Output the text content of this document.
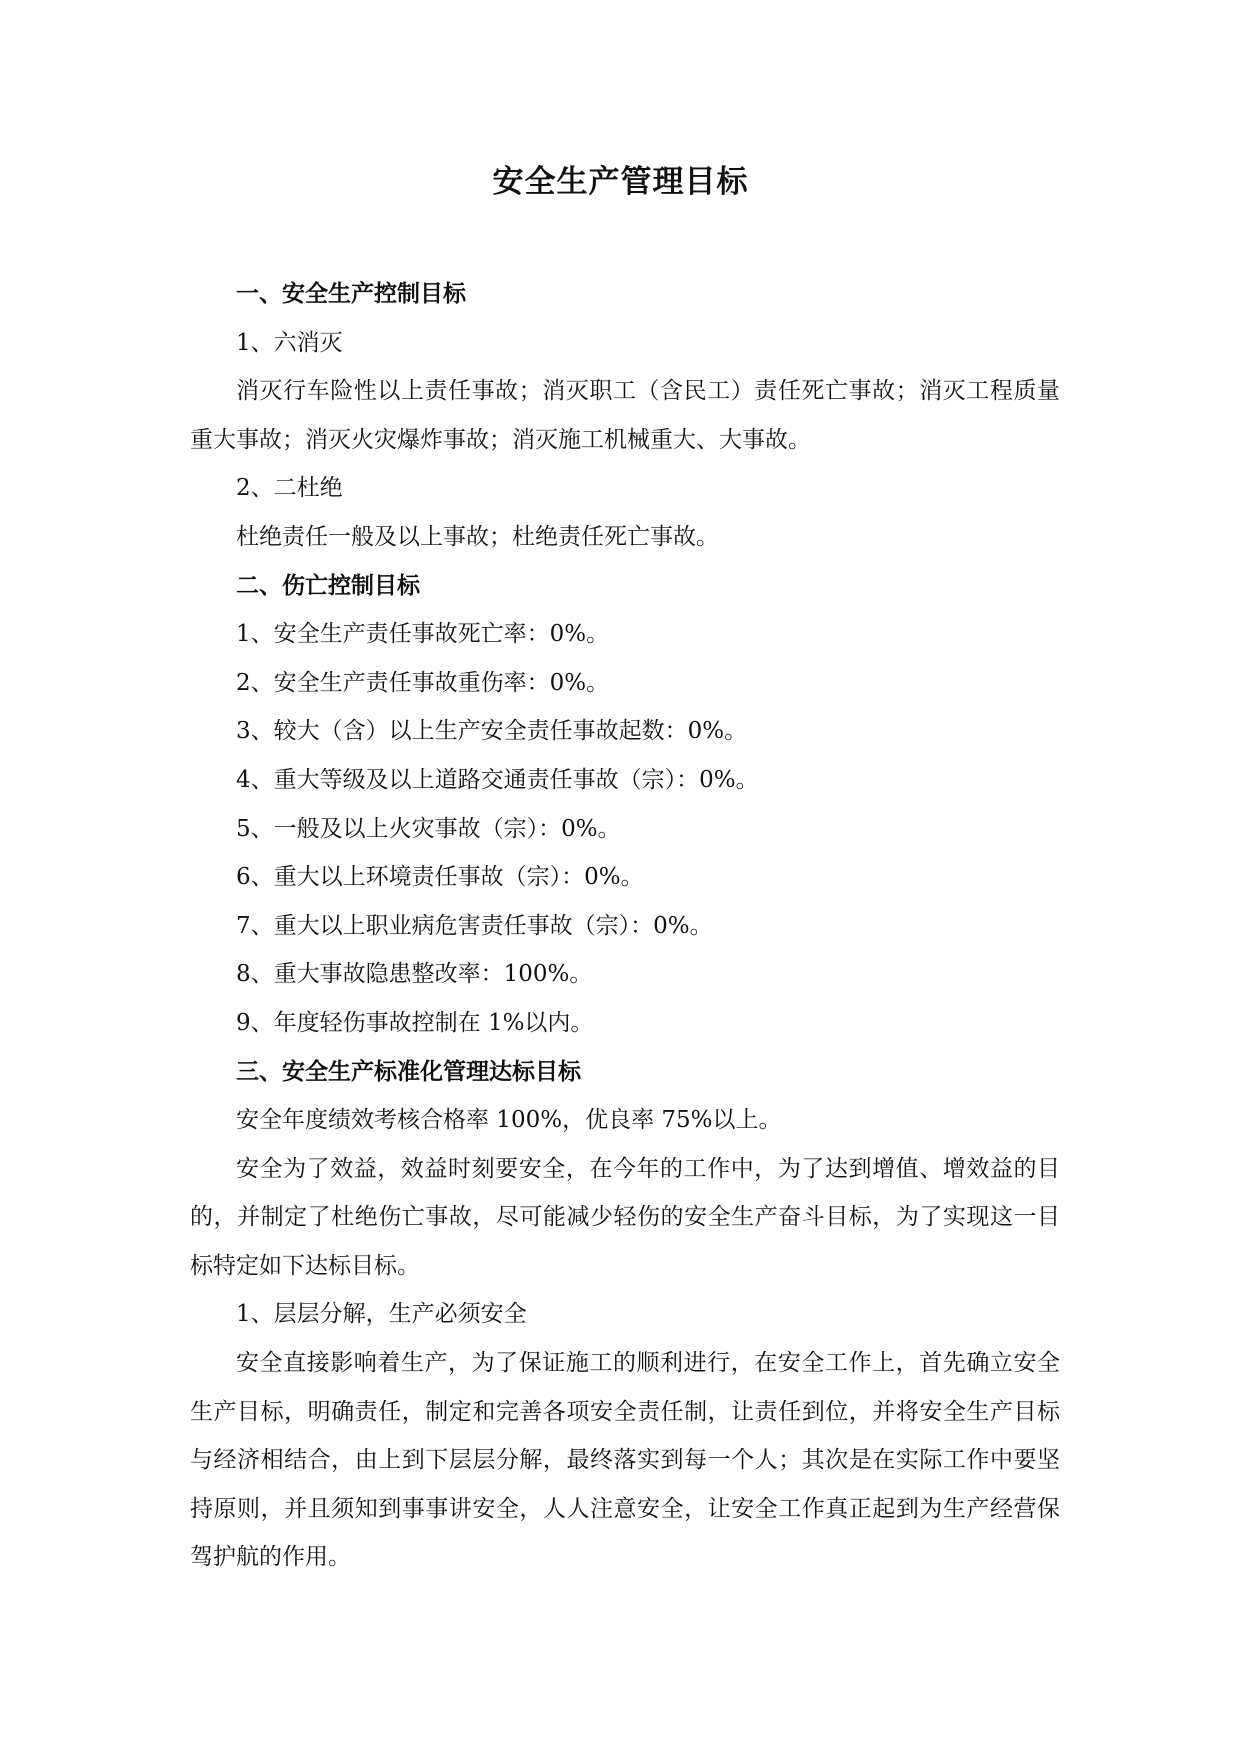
安全生产管理目标

一、安全生产控制目标

1、六消灭

消灭行车险性以上责任事故；消灭职工（含民工）责任死亡事故；消灭工程质量重大事故；消灭火灾爆炸事故；消灭施工机械重大、大事故。

2、二杜绝

杜绝责任一般及以上事故；杜绝责任死亡事故。

二、伤亡控制目标

1、安全生产责任事故死亡率：0%。

2、安全生产责任事故重伤率：0%。

3、较大（含）以上生产安全责任事故起数：0%。

4、重大等级及以上道路交通责任事故（宗）：0%。

5、一般及以上火灾事故（宗）：0%。

6、重大以上环境责任事故（宗）：0%。

7、重大以上职业病危害责任事故（宗）：0%。

8、重大事故隐患整改率：100%。

9、年度轻伤事故控制在 1%以内。

三、安全生产标准化管理达标目标

安全年度绩效考核合格率 100%，优良率 75%以上。

安全为了效益，效益时刻要安全，在今年的工作中，为了达到增值、增效益的目的，并制定了杜绝伤亡事故，尽可能减少轻伤的安全生产奋斗目标，为了实现这一目标特定如下达标目标。

1、层层分解，生产必须安全

安全直接影响着生产，为了保证施工的顺利进行，在安全工作上，首先确立安全生产目标，明确责任，制定和完善各项安全责任制，让责任到位，并将安全生产目标与经济相结合，由上到下层层分解，最终落实到每一个人；其次是在实际工作中要坚持原则，并且须知到事事讲安全，人人注意安全，让安全工作真正起到为生产经营保驾护航的作用。
